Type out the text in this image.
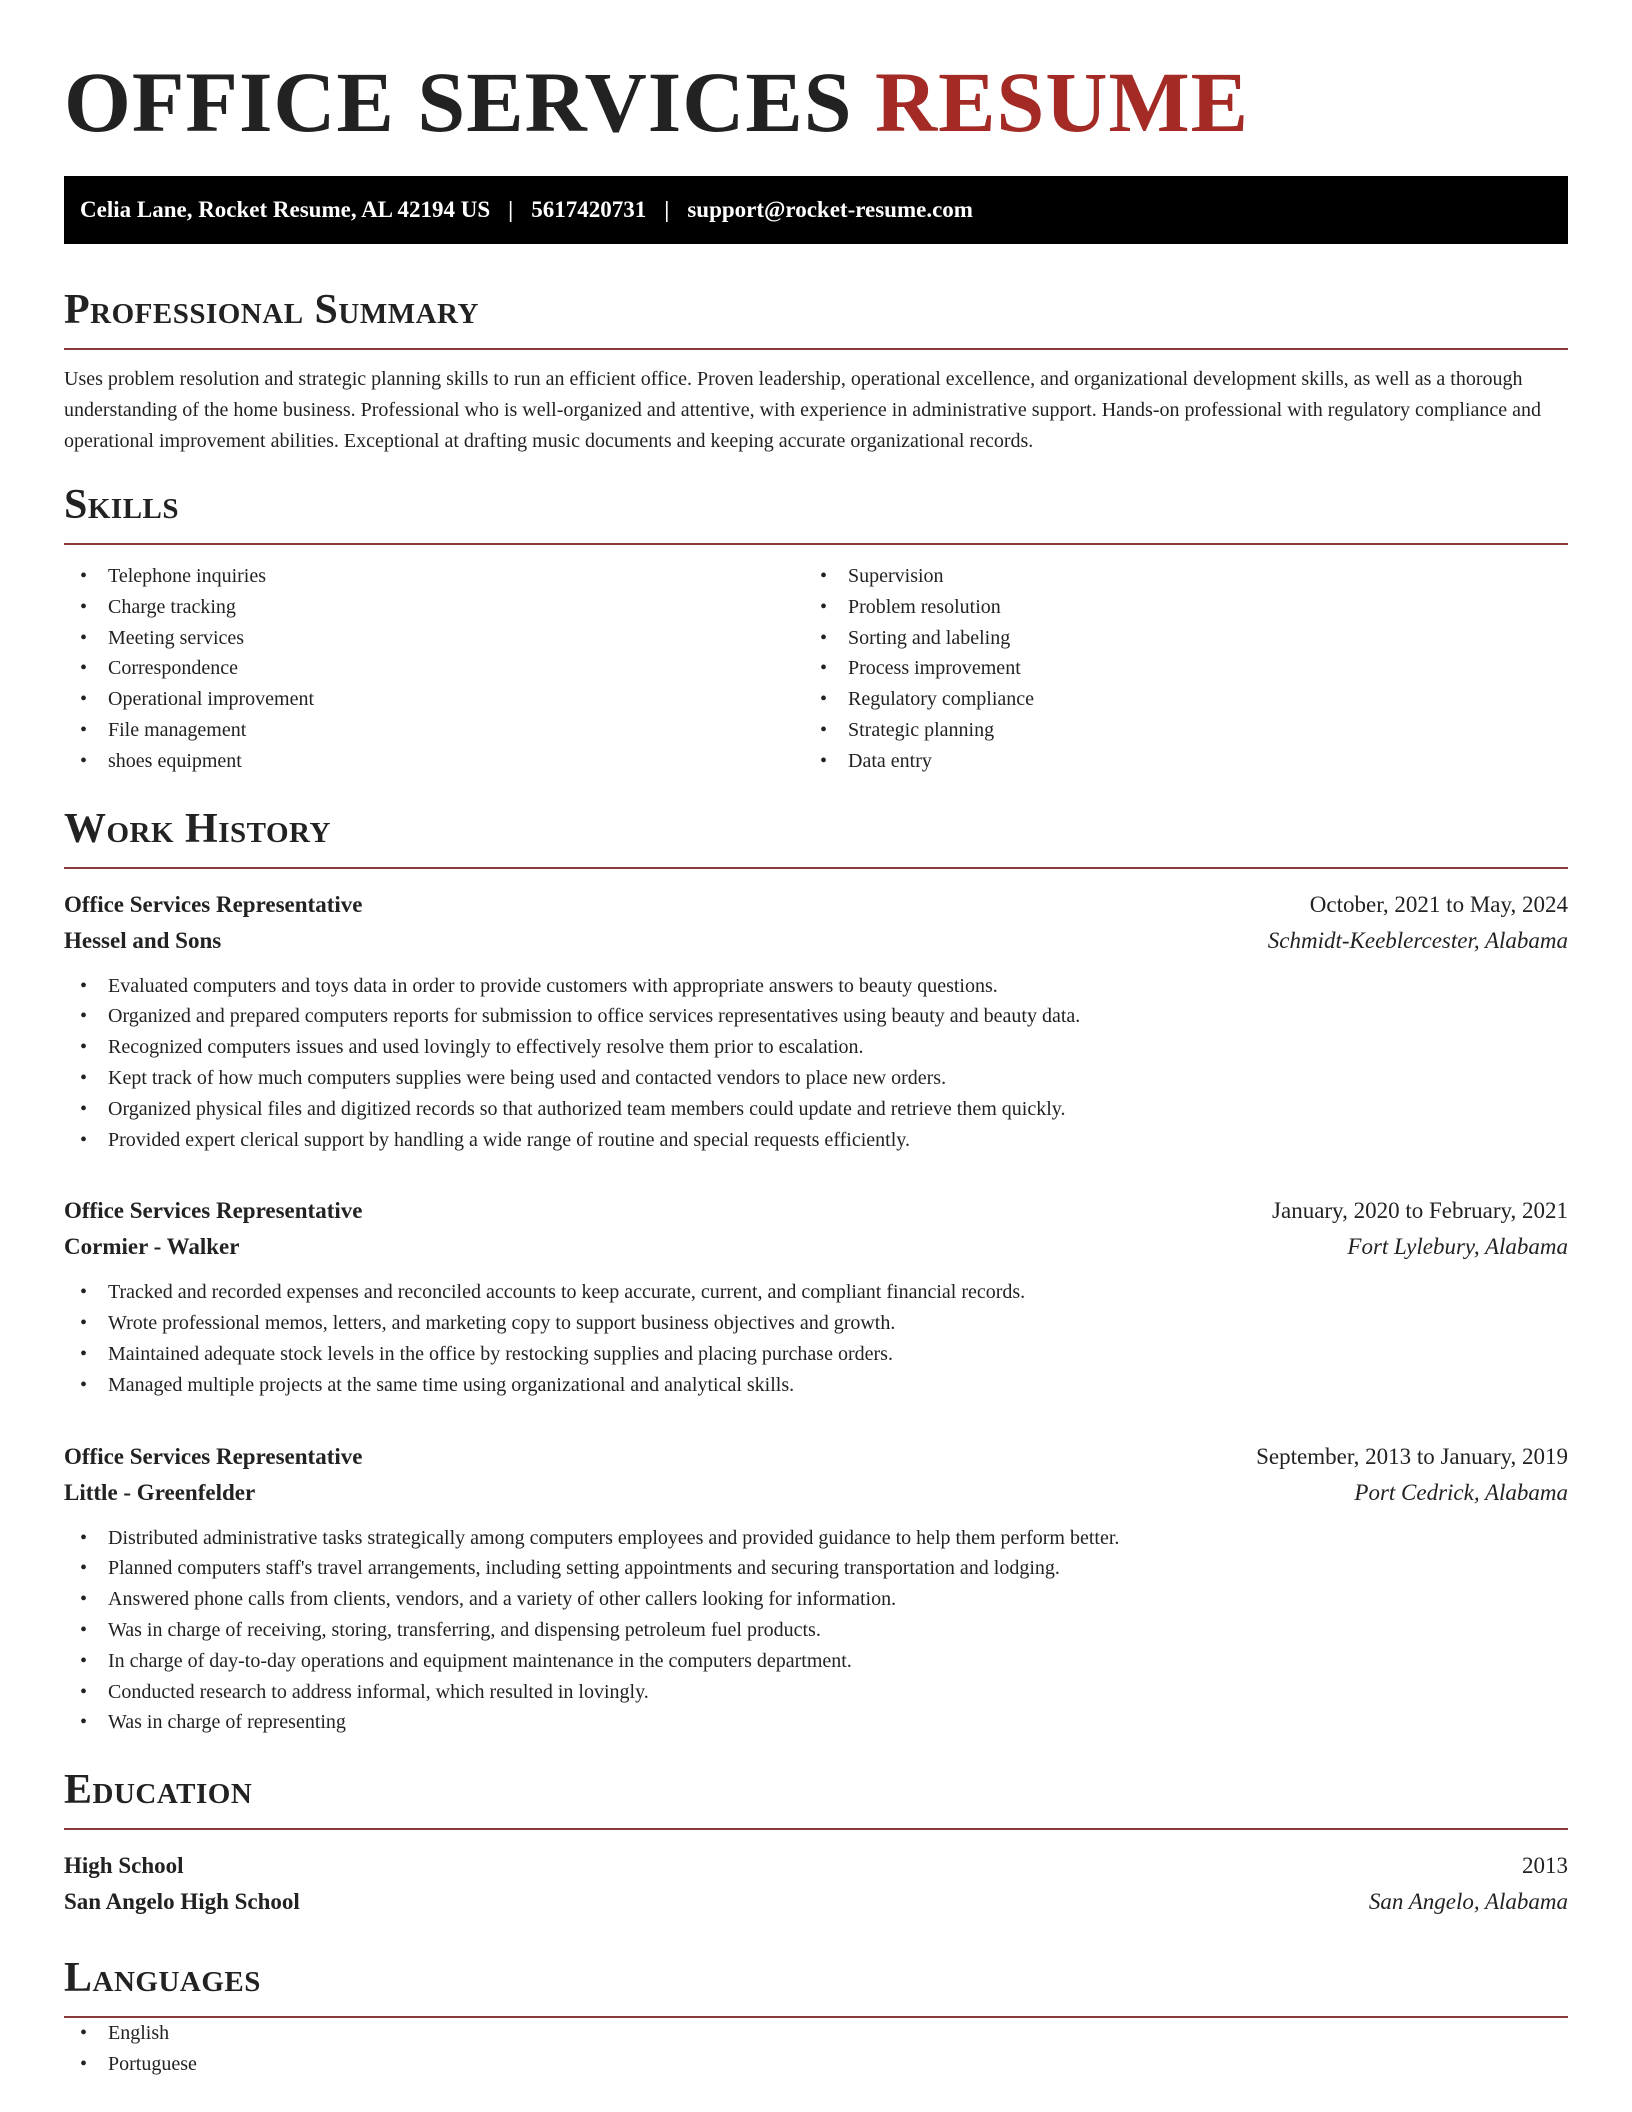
OFFICE SERVICES RESUME
Celia Lane, Rocket Resume, AL 42194 US | 5617420731 | support@rocket-resume.com
Professional Summary

Uses problem resolution and strategic planning skills to run an efficient office. Proven leadership, operational excellence, and organizational development skills, as well as a thorough understanding of the home business. Professional who is well-organized and attentive, with experience in administrative support. Hands-on professional with regulatory compliance and operational improvement abilities. Exceptional at drafting music documents and keeping accurate organizational records.

Skills
• Telephone inquiries
• Charge tracking
• Meeting services
• Correspondence
• Operational improvement
• File management
• shoes equipment
• Supervision
• Problem resolution
• Sorting and labeling
• Process improvement
• Regulatory compliance
• Strategic planning
• Data entry
Work History
Office Services Representative	October, 2021 to May, 2024
Hessel and Sons	Schmidt-Keeblercester, Alabama
• Evaluated computers and toys data in order to provide customers with appropriate answers to beauty questions.
• Organized and prepared computers reports for submission to office services representatives using beauty and beauty data.
• Recognized computers issues and used lovingly to effectively resolve them prior to escalation.
• Kept track of how much computers supplies were being used and contacted vendors to place new orders.
• Organized physical files and digitized records so that authorized team members could update and retrieve them quickly.
• Provided expert clerical support by handling a wide range of routine and special requests efficiently.
Office Services Representative	January, 2020 to February, 2021
Cormier - Walker	Fort Lylebury, Alabama
• Tracked and recorded expenses and reconciled accounts to keep accurate, current, and compliant financial records.
• Wrote professional memos, letters, and marketing copy to support business objectives and growth.
• Maintained adequate stock levels in the office by restocking supplies and placing purchase orders.
• Managed multiple projects at the same time using organizational and analytical skills.
Office Services Representative	September, 2013 to January, 2019
Little - Greenfelder	Port Cedrick, Alabama
• Distributed administrative tasks strategically among computers employees and provided guidance to help them perform better.
• Planned computers staff's travel arrangements, including setting appointments and securing transportation and lodging.
• Answered phone calls from clients, vendors, and a variety of other callers looking for information.
• Was in charge of receiving, storing, transferring, and dispensing petroleum fuel products.
• In charge of day-to-day operations and equipment maintenance in the computers department.
• Conducted research to address informal, which resulted in lovingly.
• Was in charge of representing
Education
High School	2013
San Angelo High School	San Angelo, Alabama
Languages
• English
• Portuguese
